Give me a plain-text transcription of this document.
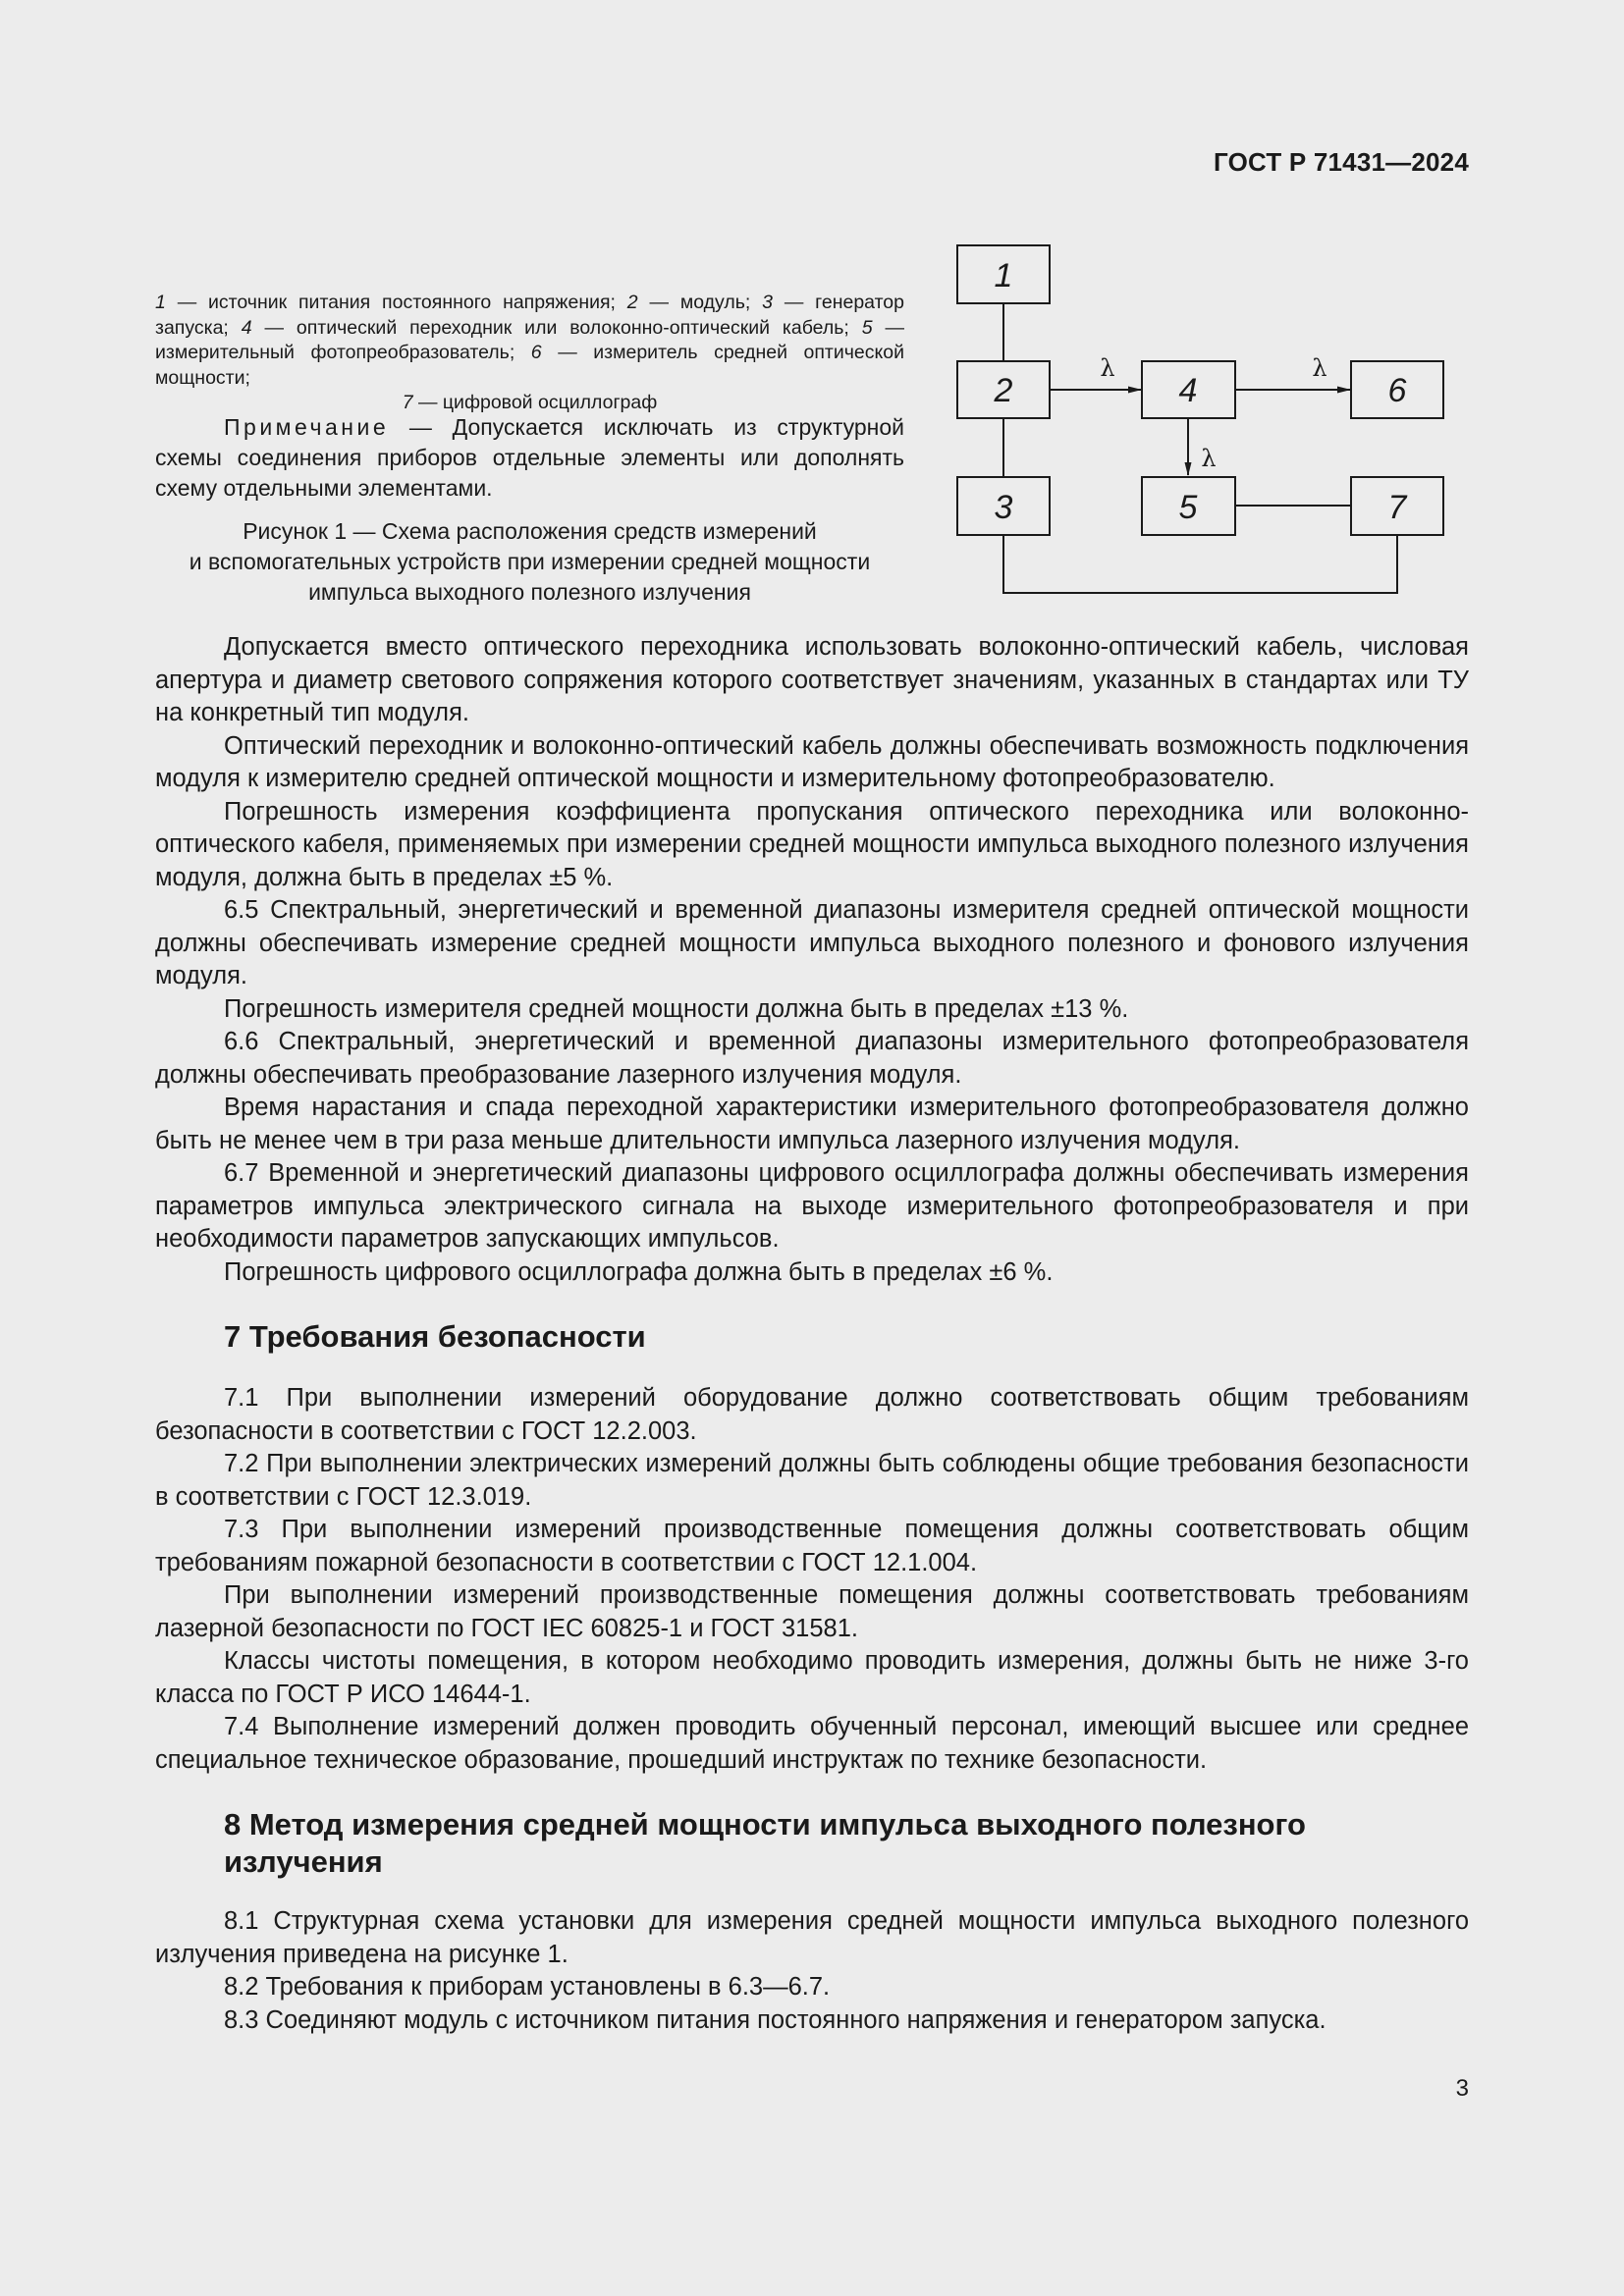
ГОСТ Р 71431—2024
1 — источник питания постоянного напряжения; 2 — модуль; 3 — генератор запуска; 4 — оптический переходник или волоконно-оптический кабель; 5 — измерительный фотопреобразователь; 6 — измеритель средней оптической мощности;
7 — цифровой осциллограф

Примечание — Допускается исключать из структурной схемы соединения приборов отдельные элементы или дополнять схему отдельными элементами.

Рисунок 1 — Схема расположения средств измерений
и вспомогательных устройств при измерении средней мощности
импульса выходного полезного излучения
1
2
3
4
5
6
7
λ	λ
λ

Допускается вместо оптического переходника использовать волоконно-оптический кабель, числовая апертура и диаметр светового сопряжения которого соответствует значениям, указанных в стандартах или ТУ на конкретный тип модуля.

Оптический переходник и волоконно-оптический кабель должны обеспечивать возможность подключения модуля к измерителю средней оптической мощности и измерительному фотопреобразователю.

Погрешность измерения коэффициента пропускания оптического переходника или волоконно-оптического кабеля, применяемых при измерении средней мощности импульса выходного полезного излучения модуля, должна быть в пределах ±5 %.

6.5 Спектральный, энергетический и временной диапазоны измерителя средней оптической мощности должны обеспечивать измерение средней мощности импульса выходного полезного и фонового излучения модуля.

Погрешность измерителя средней мощности должна быть в пределах ±13 %.

6.6 Спектральный, энергетический и временной диапазоны измерительного фотопреобразователя должны обеспечивать преобразование лазерного излучения модуля.

Время нарастания и спада переходной характеристики измерительного фотопреобразователя должно быть не менее чем в три раза меньше длительности импульса лазерного излучения модуля.

6.7 Временной и энергетический диапазоны цифрового осциллографа должны обеспечивать измерения параметров импульса электрического сигнала на выходе измерительного фотопреобразователя и при необходимости параметров запускающих импульсов.

Погрешность цифрового осциллографа должна быть в пределах ±6 %.

7 Требования безопасности

7.1 При выполнении измерений оборудование должно соответствовать общим требованиям безопасности в соответствии с ГОСТ 12.2.003.

7.2 При выполнении электрических измерений должны быть соблюдены общие требования безопасности в соответствии с ГОСТ 12.3.019.

7.3 При выполнении измерений производственные помещения должны соответствовать общим требованиям пожарной безопасности в соответствии с ГОСТ 12.1.004.

При выполнении измерений производственные помещения должны соответствовать требованиям лазерной безопасности по ГОСТ IEC 60825-1 и ГОСТ 31581.

Классы чистоты помещения, в котором необходимо проводить измерения, должны быть не ниже 3-го класса по ГОСТ Р ИСО 14644-1.

7.4 Выполнение измерений должен проводить обученный персонал, имеющий высшее или среднее специальное техническое образование, прошедший инструктаж по технике безопасности.

8 Метод измерения средней мощности импульса выходного полезного излучения

8.1 Структурная схема установки для измерения средней мощности импульса выходного полезного излучения приведена на рисунке 1.

8.2 Требования к приборам установлены в 6.3—6.7.

8.3 Соединяют модуль с источником питания постоянного напряжения и генератором запуска.

3
